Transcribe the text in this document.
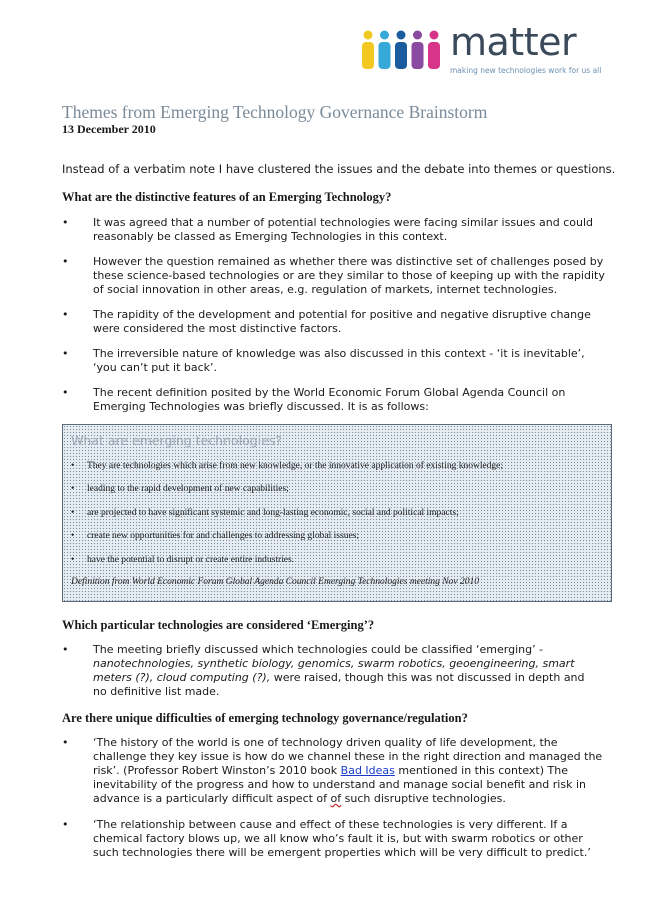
matter
making new technologies work for us all
Themes from Emerging Technology Governance Brainstorm
13 December 2010
Instead of a verbatim note I have clustered the issues and the debate into themes or questions.
What are the distinctive features of an Emerging Technology?
• It was agreed that a number of potential technologies were facing similar issues and could
reasonably be classed as Emerging Technologies in this context.
• However the question remained as whether there was distinctive set of challenges posed by
these science-based technologies or are they similar to those of keeping up with the rapidity
of social innovation in other areas, e.g. regulation of markets, internet technologies.
• The rapidity of the development and potential for positive and negative disruptive change
were considered the most distinctive factors.
• The irreversible nature of knowledge was also discussed in this context - ‘it is inevitable’,
‘you can’t put it back’.
• The recent definition posited by the World Economic Forum Global Agenda Council on
Emerging Technologies was briefly discussed. It is as follows:
What are emerging technologies?
• They are technologies which arise from new knowledge, or the innovative application of existing knowledge;
• leading to the rapid development of new capabilities;
• are projected to have significant systemic and long-lasting economic, social and political impacts;
• create new opportunities for and challenges to addressing global issues;
• have the potential to disrupt or create entire industries.
Definition from World Economic Forum Global Agenda Council Emerging Technologies meeting Nov 2010
Which particular technologies are considered ‘Emerging’?
• The meeting briefly discussed which technologies could be classified ‘emerging’ -
nanotechnologies, synthetic biology, genomics, swarm robotics, geoengineering, smart
meters (?), cloud computing (?), were raised, though this was not discussed in depth and
no definitive list made.
Are there unique difficulties of emerging technology governance/regulation?
• ‘The history of the world is one of technology driven quality of life development, the
challenge they key issue is how do we channel these in the right direction and managed the
risk’. (Professor Robert Winston’s 2010 book Bad Ideas mentioned in this context) The
inevitability of the progress and how to understand and manage social benefit and risk in
advance is a particularly difficult aspect of of such disruptive technologies.
• ‘The relationship between cause and effect of these technologies is very different. If a
chemical factory blows up, we all know who’s fault it is, but with swarm robotics or other
such technologies there will be emergent properties which will be very difficult to predict.’
